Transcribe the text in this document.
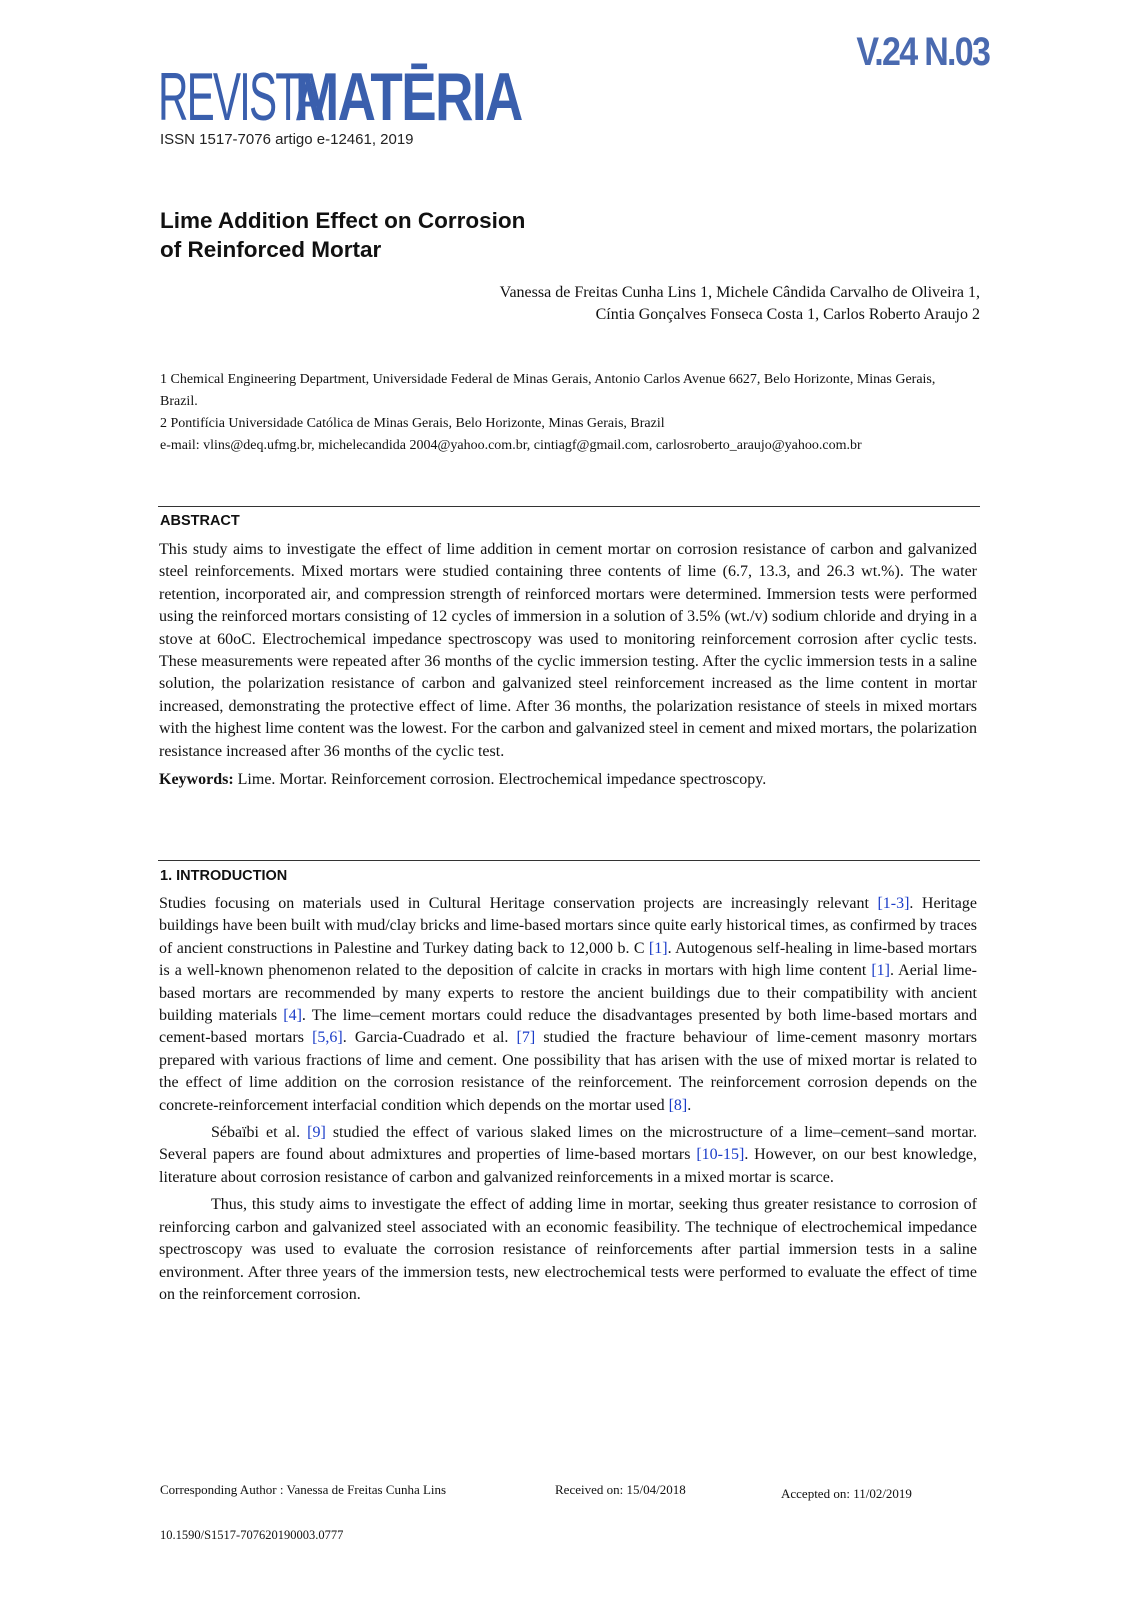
REVISTAMATĒRIA
V.24 N.03
ISSN 1517-7076 artigo e-12461, 2019
Lime Addition Effect on Corrosion
of Reinforced Mortar
Vanessa de Freitas Cunha Lins 1, Michele Cândida Carvalho de Oliveira 1,
Cíntia Gonçalves Fonseca Costa 1, Carlos Roberto Araujo 2
1 Chemical Engineering Department, Universidade Federal de Minas Gerais, Antonio Carlos Avenue 6627, Belo Horizonte, Minas Gerais, Brazil.
2 Pontifícia Universidade Católica de Minas Gerais, Belo Horizonte, Minas Gerais, Brazil
e-mail: vlins@deq.ufmg.br, michelecandida 2004@yahoo.com.br, cintiagf@gmail.com, carlosroberto_araujo@yahoo.com.br
ABSTRACT

This study aims to investigate the effect of lime addition in cement mortar on corrosion resistance of carbon and galvanized steel reinforcements. Mixed mortars were studied containing three contents of lime (6.7, 13.3, and 26.3 wt.%). The water retention, incorporated air, and compression strength of reinforced mortars were determined. Immersion tests were performed using the reinforced mortars consisting of 12 cycles of immersion in a solution of 3.5% (wt./v) sodium chloride and drying in a stove at 60oC. Electrochemical impedance spectroscopy was used to monitoring reinforcement corrosion after cyclic tests. These measurements were repeated after 36 months of the cyclic immersion testing. After the cyclic immersion tests in a saline solution, the polarization resistance of carbon and galvanized steel reinforcement increased as the lime content in mortar increased, demonstrating the protective effect of lime. After 36 months, the polarization resistance of steels in mixed mortars with the highest lime content was the lowest. For the carbon and galvanized steel in cement and mixed mortars, the polarization resistance increased after 36 months of the cyclic test.

Keywords: Lime. Mortar. Reinforcement corrosion. Electrochemical impedance spectroscopy.

1. INTRODUCTION

Studies focusing on materials used in Cultural Heritage conservation projects are increasingly relevant [1-3]. Heritage buildings have been built with mud/clay bricks and lime-based mortars since quite early historical times, as confirmed by traces of ancient constructions in Palestine and Turkey dating back to 12,000 b. C [1]. Autogenous self-healing in lime-based mortars is a well-known phenomenon related to the deposition of calcite in cracks in mortars with high lime content [1]. Aerial lime-based mortars are recommended by many experts to restore the ancient buildings due to their compatibility with ancient building materials [4]. The lime–cement mortars could reduce the disadvantages presented by both lime-based mortars and cement-based mortars [5,6]. Garcia-Cuadrado et al. [7] studied the fracture behaviour of lime-cement masonry mortars prepared with various fractions of lime and cement. One possibility that has arisen with the use of mixed mortar is related to the effect of lime addition on the corrosion resistance of the reinforcement. The reinforcement corrosion depends on the concrete-reinforcement interfacial condition which depends on the mortar used [8].

Sébaïbi et al. [9] studied the effect of various slaked limes on the microstructure of a lime–cement–sand mortar. Several papers are found about admixtures and properties of lime-based mortars [10-15]. However, on our best knowledge, literature about corrosion resistance of carbon and galvanized reinforcements in a mixed mortar is scarce.

Thus, this study aims to investigate the effect of adding lime in mortar, seeking thus greater resistance to corrosion of reinforcing carbon and galvanized steel associated with an economic feasibility. The technique of electrochemical impedance spectroscopy was used to evaluate the corrosion resistance of reinforcements after partial immersion tests in a saline environment. After three years of the immersion tests, new electrochemical tests were performed to evaluate the effect of time on the reinforcement corrosion.

Corresponding Author : Vanessa de Freitas Cunha Lins	Received on: 15/04/2018	Accepted on: 11/02/2019
10.1590/S1517-707620190003.0777
